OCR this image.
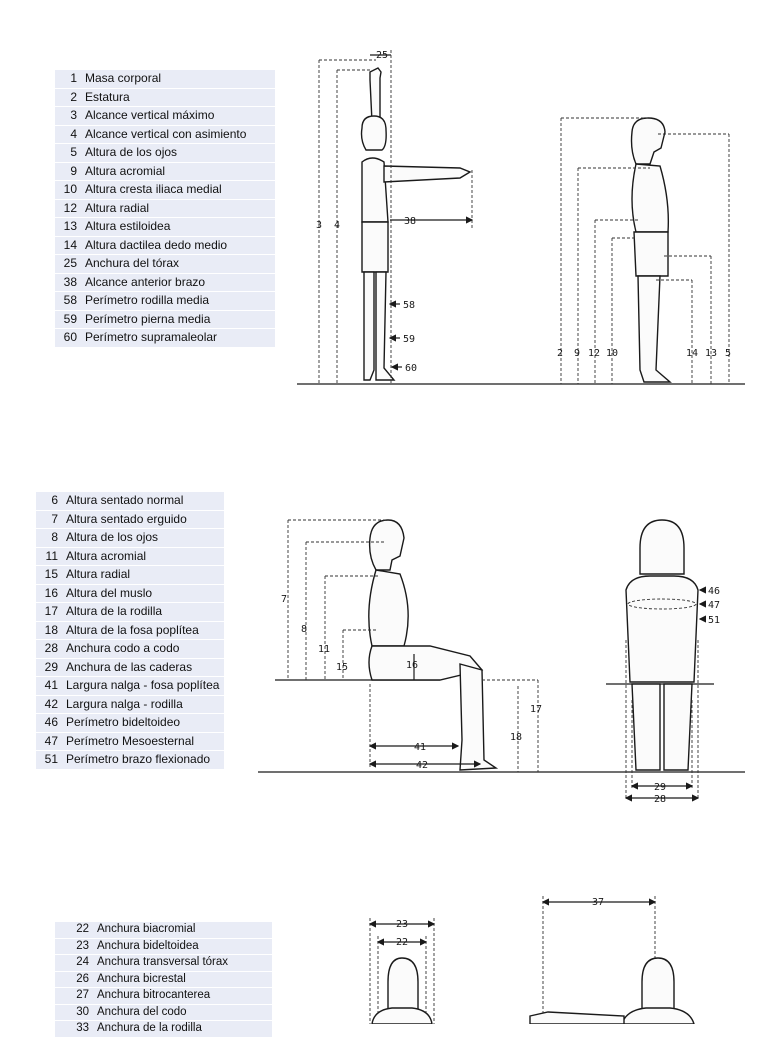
1	Masa corporal
2	Estatura
3	Alcance vertical máximo
4	Alcance vertical con asimiento
5	Altura de los ojos
9	Altura acromial
10	Altura cresta iliaca medial
12	Altura radial
13	Altura estiloidea
14	Altura dactilea dedo medio
25	Anchura del tórax
38	Alcance anterior brazo
58	Perímetro rodilla media
59	Perímetro pierna media
60	Perímetro supramaleolar
6	Altura sentado normal
7	Altura sentado erguido
8	Altura de los ojos
11	Altura acromial
15	Altura radial
16	Altura del muslo
17	Altura de la rodilla
18	Altura de la fosa poplítea
28	Anchura codo a codo
29	Anchura de las caderas
41	Largura nalga - fosa poplítea
42	Largura nalga - rodilla
46	Perímetro bideltoideo
47	Perímetro Mesoesternal
51	Perímetro brazo flexionado
22	Anchura biacromial
23	Anchura bideltoidea
24	Anchura transversal tórax
26	Anchura bicrestal
27	Anchura bitrocanterea
30	Anchura del codo
33	Anchura de la rodilla
25
38
3 4
58
59
60
2 9 12 10	14 13 5
7
8
11
15	16
17
18
41
42
46
47
51
29
28
23
22
37
